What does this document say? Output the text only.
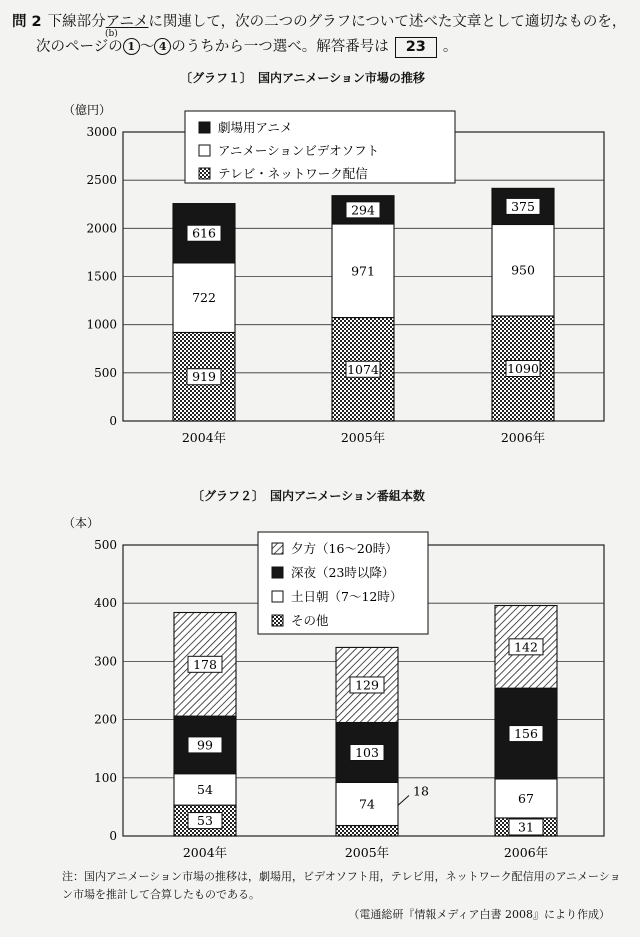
問 2 下線部分アニメに関連して，次の二つのグラフについて述べた文章として適切なものを，
次のページの 1 〜 4 のうちから一つ選べ。解答番号は 23 。
(b)
〔グラフ１〕　国内アニメーション市場の推移
〔グラフ２〕　国内アニメーション番組本数
0
500
1000
1500
2000
2500
3000
（億円）
919
722
616
2004年
1074
971
294
2005年
1090
950
375
2006年
劇場用アニメ
アニメーションビデオソフト
テレビ・ネットワーク配信
0
100
200
300
400
500
（本）
53
54
99
178
2004年
18
74
103
129
2005年
31
67
156
142
2006年
夕方（16〜20時）
深夜（23時以降）
土日朝（7〜12時）
その他
注：国内アニメーション市場の推移は，劇場用，ビデオソフト用，テレビ用，ネットワーク配信用のアニメーション市場を推計して合算したものである。
（電通総研『情報メディア白書 2008』により作成）
